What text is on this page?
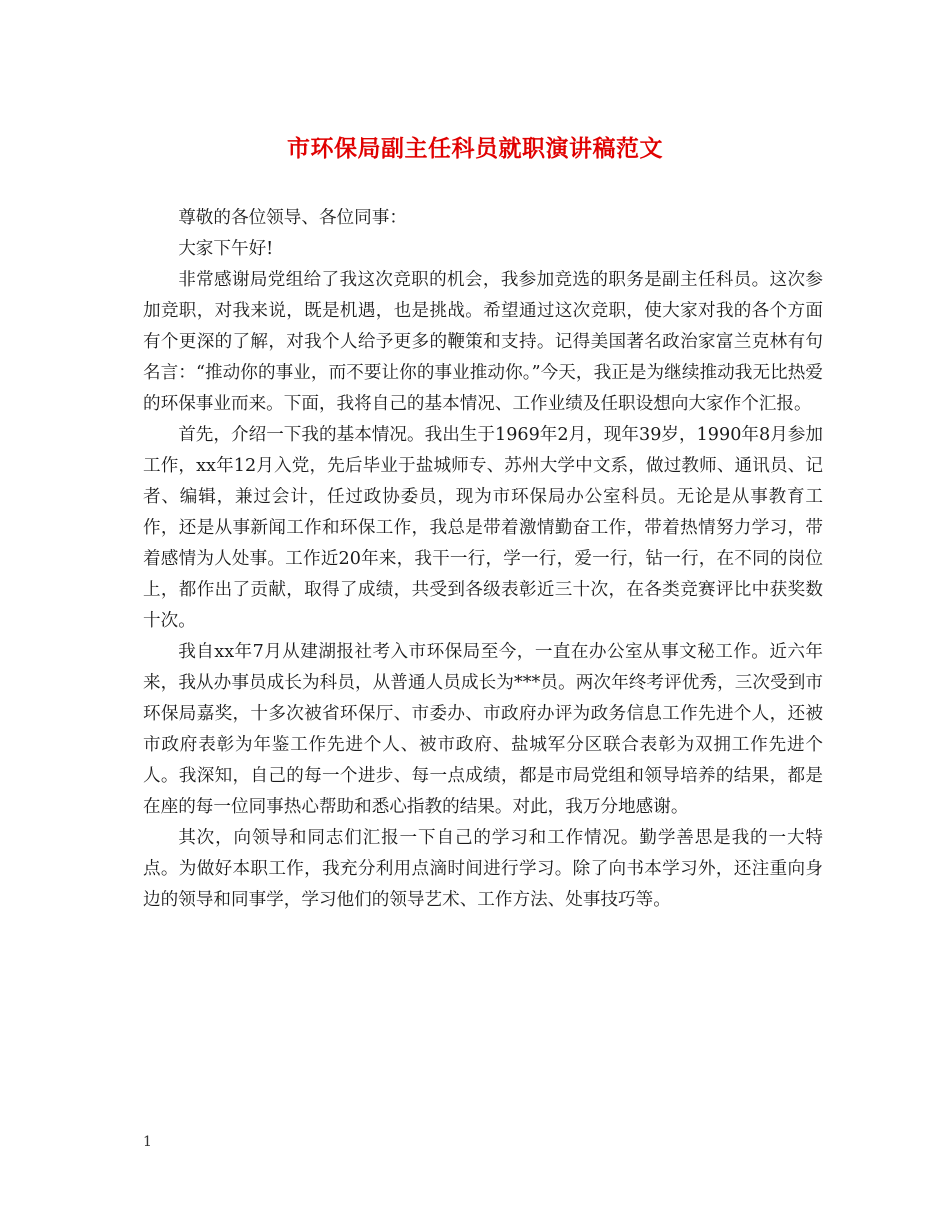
市环保局副主任科员就职演讲稿范文

尊敬的各位领导、各位同事：

大家下午好!

非常感谢局党组给了我这次竞职的机会，我参加竞选的职务是副主任科员。这次参加竞职，对我来说，既是机遇，也是挑战。希望通过这次竞职，使大家对我的各个方面有个更深的了解，对我个人给予更多的鞭策和支持。记得美国著名政治家富兰克林有句名言：“推动你的事业，而不要让你的事业推动你。”今天，我正是为继续推动我无比热爱的环保事业而来。下面，我将自己的基本情况、工作业绩及任职设想向大家作个汇报。

首先，介绍一下我的基本情况。我出生于1969年2月，现年39岁，1990年8月参加工作，xx年12月入党，先后毕业于盐城师专、苏州大学中文系，做过教师、通讯员、记者、编辑，兼过会计，任过政协委员，现为市环保局办公室科员。无论是从事教育工作，还是从事新闻工作和环保工作，我总是带着激情勤奋工作，带着热情努力学习，带着感情为人处事。工作近20年来，我干一行，学一行，爱一行，钻一行，在不同的岗位上，都作出了贡献，取得了成绩，共受到各级表彰近三十次，在各类竞赛评比中获奖数十次。

我自xx年7月从建湖报社考入市环保局至今，一直在办公室从事文秘工作。近六年来，我从办事员成长为科员，从普通人员成长为***员。两次年终考评优秀，三次受到市环保局嘉奖，十多次被省环保厅、市委办、市政府办评为政务信息工作先进个人，还被市政府表彰为年鉴工作先进个人、被市政府、盐城军分区联合表彰为双拥工作先进个人。我深知，自己的每一个进步、每一点成绩，都是市局党组和领导培养的结果，都是在座的每一位同事热心帮助和悉心指教的结果。对此，我万分地感谢。

其次，向领导和同志们汇报一下自己的学习和工作情况。勤学善思是我的一大特点。为做好本职工作，我充分利用点滴时间进行学习。除了向书本学习外，还注重向身边的领导和同事学，学习他们的领导艺术、工作方法、处事技巧等。

1
